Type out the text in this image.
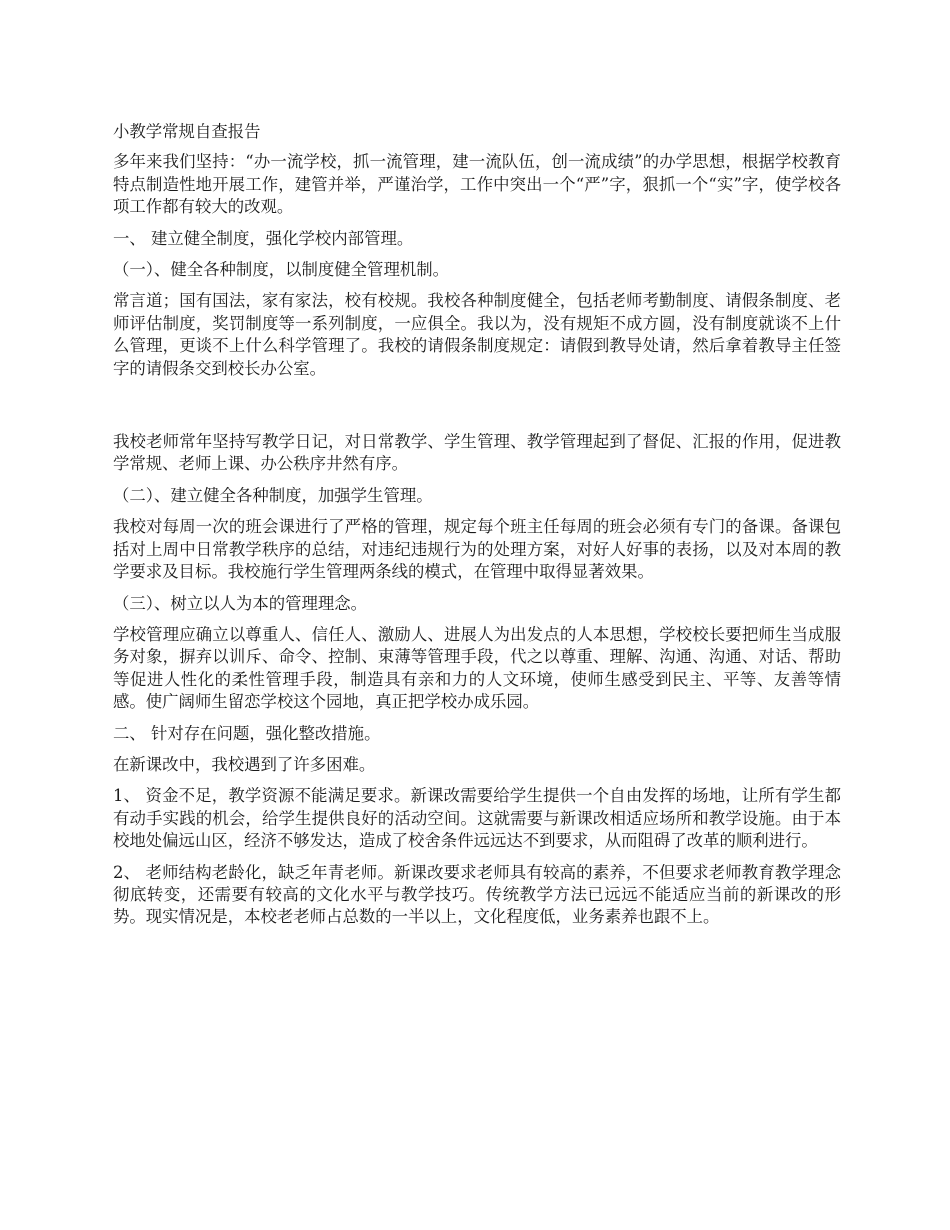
小教学常规自查报告

多年来我们坚持：“办一流学校，抓一流管理，建一流队伍，创一流成绩”的办学思想，根据学校教育特点制造性地开展工作，建管并举，严谨治学，工作中突出一个“严”字，狠抓一个“实”字，使学校各项工作都有较大的改观。

一、 建立健全制度，强化学校内部管理。

（一）、健全各种制度，以制度健全管理机制。

常言道；国有国法，家有家法，校有校规。我校各种制度健全，包括老师考勤制度、请假条制度、老师评估制度，奖罚制度等一系列制度，一应俱全。我以为，没有规矩不成方圆，没有制度就谈不上什么管理，更谈不上什么科学管理了。我校的请假条制度规定：请假到教导处请，然后拿着教导主任签字的请假条交到校长办公室。

我校老师常年坚持写教学日记，对日常教学、学生管理、教学管理起到了督促、汇报的作用，促进教学常规、老师上课、办公秩序井然有序。

（二）、建立健全各种制度，加强学生管理。

我校对每周一次的班会课进行了严格的管理，规定每个班主任每周的班会必须有专门的备课。备课包括对上周中日常教学秩序的总结，对违纪违规行为的处理方案，对好人好事的表扬，以及对本周的教学要求及目标。我校施行学生管理两条线的模式，在管理中取得显著效果。

（三）、树立以人为本的管理理念。

学校管理应确立以尊重人、信任人、激励人、进展人为出发点的人本思想，学校校长要把师生当成服务对象，摒弃以训斥、命令、控制、束薄等管理手段，代之以尊重、理解、沟通、沟通、对话、帮助等促进人性化的柔性管理手段，制造具有亲和力的人文环境，使师生感受到民主、平等、友善等情感。使广阔师生留恋学校这个园地，真正把学校办成乐园。

二、 针对存在问题，强化整改措施。

在新课改中，我校遇到了许多困难。

1、 资金不足，教学资源不能满足要求。新课改需要给学生提供一个自由发挥的场地，让所有学生都有动手实践的机会，给学生提供良好的活动空间。这就需要与新课改相适应场所和教学设施。由于本校地处偏远山区，经济不够发达，造成了校舍条件远远达不到要求，从而阻碍了改革的顺利进行。

2、 老师结构老龄化，缺乏年青老师。新课改要求老师具有较高的素养，不但要求老师教育教学理念彻底转变，还需要有较高的文化水平与教学技巧。传统教学方法已远远不能适应当前的新课改的形势。现实情况是，本校老老师占总数的一半以上，文化程度低，业务素养也跟不上。
